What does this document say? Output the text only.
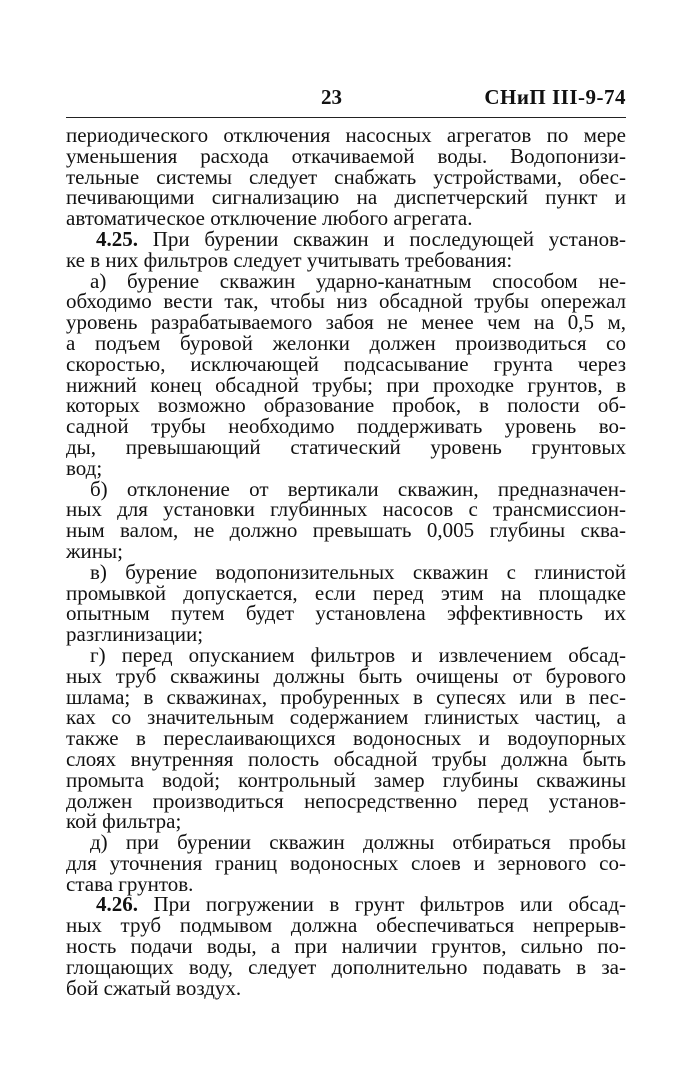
23	СНиП III-9-74
периодического отключения насосных агрегатов по мере
уменьшения расхода откачиваемой воды. Водопонизи-
тельные системы следует снабжать устройствами, обес-
печивающими сигнализацию на диспетчерский пункт и
автоматическое отключение любого агрегата.
4.25. При бурении скважин и последующей установ-
ке в них фильтров следует учитывать требования:
а) бурение скважин ударно-канатным способом не-
обходимо вести так, чтобы низ обсадной трубы опережал
уровень разрабатываемого забоя не менее чем на 0,5 м,
а подъем буровой желонки должен производиться со
скоростью, исключающей подсасывание грунта через
нижний конец обсадной трубы; при проходке грунтов, в
которых возможно образование пробок, в полости об-
садной трубы необходимо поддерживать уровень во-
ды, превышающий статический уровень грунтовых
вод;
б) отклонение от вертикали скважин, предназначен-
ных для установки глубинных насосов с трансмиссион-
ным валом, не должно превышать 0,005 глубины сква-
жины;
в) бурение водопонизительных скважин с глинистой
промывкой допускается, если перед этим на площадке
опытным путем будет установлена эффективность их
разглинизации;
г) перед опусканием фильтров и извлечением обсад-
ных труб скважины должны быть очищены от бурового
шлама; в скважинах, пробуренных в супесях или в пес-
ках со значительным содержанием глинистых частиц, а
также в переслаивающихся водоносных и водоупорных
слоях внутренняя полость обсадной трубы должна быть
промыта водой; контрольный замер глубины скважины
должен производиться непосредственно перед установ-
кой фильтра;
д) при бурении скважин должны отбираться пробы
для уточнения границ водоносных слоев и зернового со-
става грунтов.
4.26. При погружении в грунт фильтров или обсад-
ных труб подмывом должна обеспечиваться непрерыв-
ность подачи воды, а при наличии грунтов, сильно по-
глощающих воду, следует дополнительно подавать в за-
бой сжатый воздух.
